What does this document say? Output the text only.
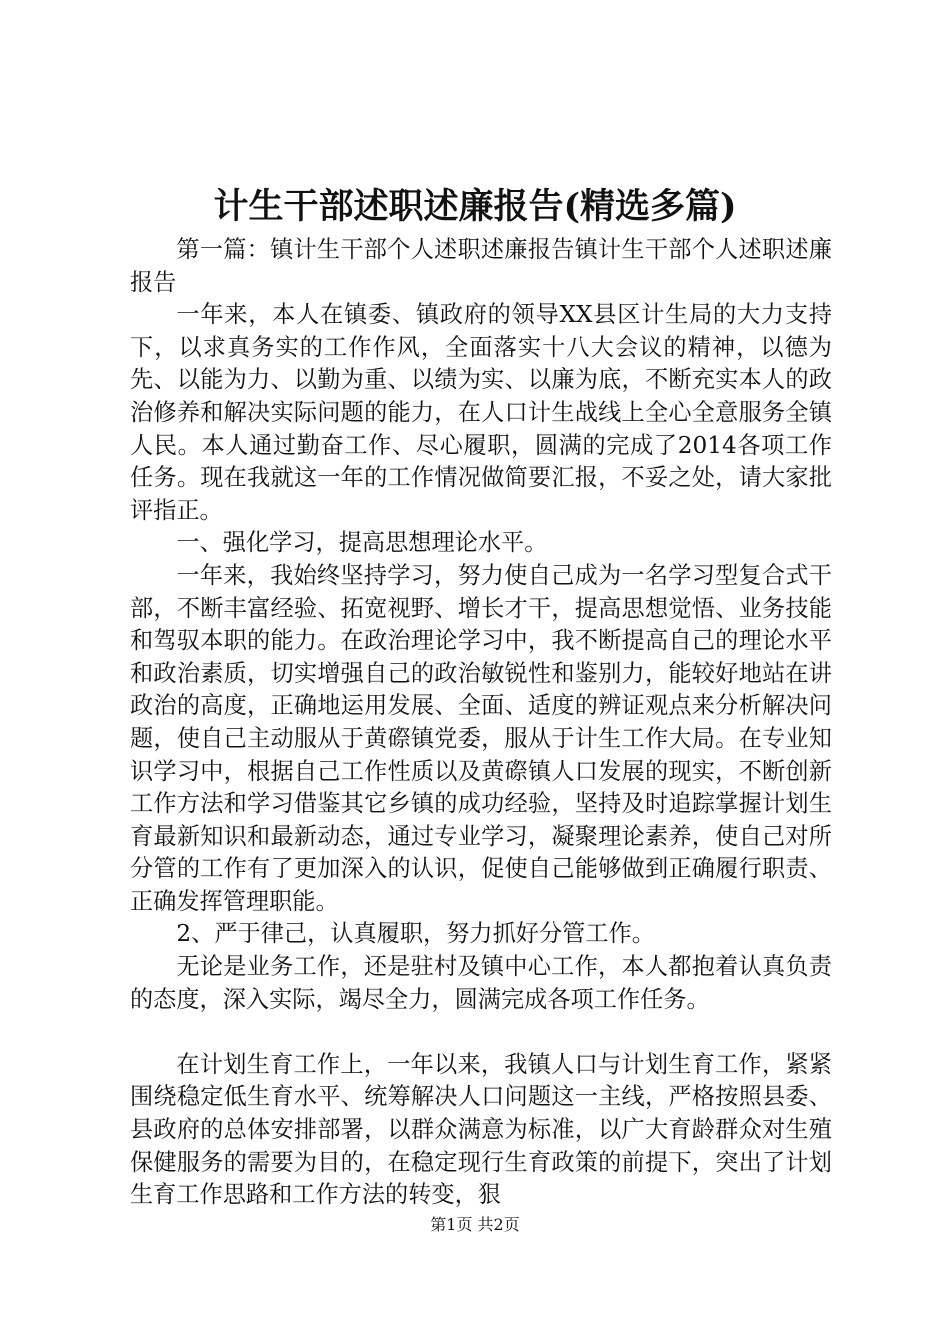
计生干部述职述廉报告(精选多篇)

第一篇：镇计生干部个人述职述廉报告镇计生干部个人述职述廉报告

一年来，本人在镇委、镇政府的领导XX县区计生局的大力支持下，以求真务实的工作作风，全面落实十八大会议的精神，以德为先、以能为力、以勤为重、以绩为实、以廉为底，不断充实本人的政治修养和解决实际问题的能力，在人口计生战线上全心全意服务全镇人民。本人通过勤奋工作、尽心履职，圆满的完成了2014各项工作任务。现在我就这一年的工作情况做简要汇报，不妥之处，请大家批评指正。

一、强化学习，提高思想理论水平。

一年来，我始终坚持学习，努力使自己成为一名学习型复合式干部，不断丰富经验、拓宽视野、增长才干，提高思想觉悟、业务技能和驾驭本职的能力。在政治理论学习中，我不断提高自己的理论水平和政治素质，切实增强自己的政治敏锐性和鉴别力，能较好地站在讲政治的高度，正确地运用发展、全面、适度的辨证观点来分析解决问题，使自己主动服从于黄磜镇党委，服从于计生工作大局。在专业知识学习中，根据自己工作性质以及黄磜镇人口发展的现实，不断创新工作方法和学习借鉴其它乡镇的成功经验，坚持及时追踪掌握计划生育最新知识和最新动态，通过专业学习，凝聚理论素养，使自己对所分管的工作有了更加深入的认识，促使自己能够做到正确履行职责、正确发挥管理职能。

2、严于律己，认真履职，努力抓好分管工作。

无论是业务工作，还是驻村及镇中心工作，本人都抱着认真负责的态度，深入实际，竭尽全力，圆满完成各项工作任务。

在计划生育工作上，一年以来，我镇人口与计划生育工作，紧紧围绕稳定低生育水平、统筹解决人口问题这一主线，严格按照县委、县政府的总体安排部署，以群众满意为标准，以广大育龄群众对生殖保健服务的需要为目的，在稳定现行生育政策的前提下，突出了计划生育工作思路和工作方法的转变，狠

第1页 共2页
